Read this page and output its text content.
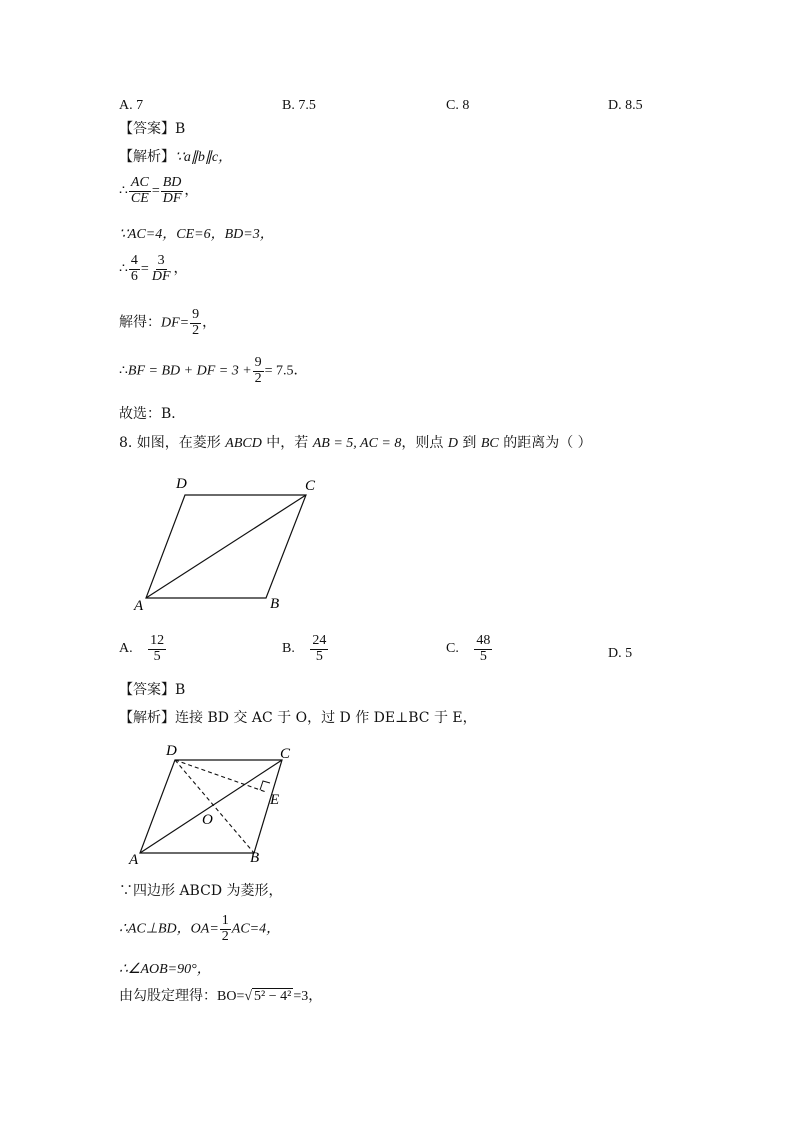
A. 7	B. 7.5	C. 8	D. 8.5
【答案】B
【解析】∵a∥b∥c，
∴ $\frac{AC}{CE} = \frac{BD}{DF}$ ，
∵AC=4，CE=6，BD=3，
∴ $\frac{4}{6} = \frac{3}{DF}$ ，
解得：$DF= \frac{9}{2}$ ，
∴BF = BD + DF = $3 + \frac{9}{2} = 7.5$．
故选：B．
8. 如图，在菱形 ABCD 中，若 AB = 5, AC = 8，则点 D 到 BC 的距离为（ ）
A	B
C
D
A. $\frac{12}{5}$	B. $\frac{24}{5}$	C. $\frac{48}{5}$	D. 5
【答案】B
【解析】连接 BD 交 AC 于 O，过 D 作 DE⊥BC 于 E，
A	B
C
D
E
O
∵四边形 ABCD 为菱形，
∴AC⊥BD，$OA= \frac{1}{2} AC=4$，
∴∠AOB=90°，
由勾股定理得：BO=√ 5² − 4² =3，
